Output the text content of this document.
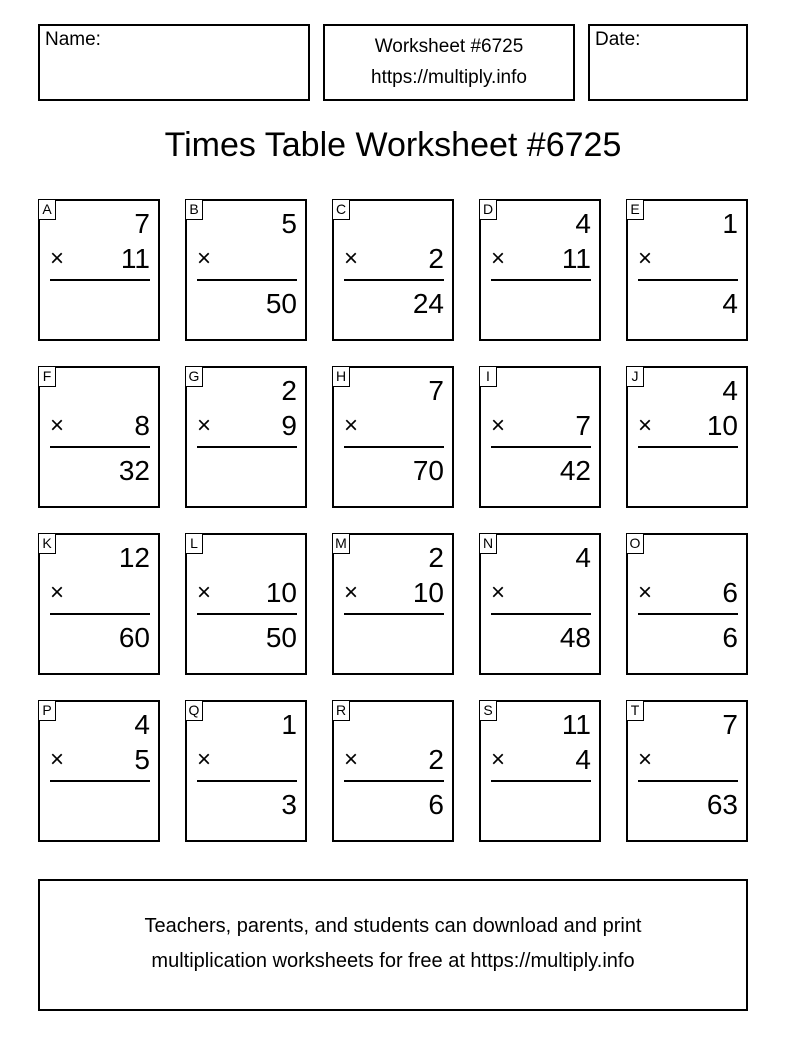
Name:	Worksheet #6725
https://multiply.info
Date:
Times Table Worksheet #6725
A	7
× 11
B	5
×
50
C
×	2
24
D	4
× 11
E	1
×
4
F
×	8
32
G	2
×	9
H	7
×
70
I
×	7
42
J	4
× 10
K 12
×
60
L
× 10
50
M	2
× 10
N	4
×
48
O
×	6
6
P	4
×	5
Q	1
×
3
R
×	2
6
S 11
×	4
T	7
×
63
Teachers, parents, and students can download and print
multiplication worksheets for free at https://multiply.info
